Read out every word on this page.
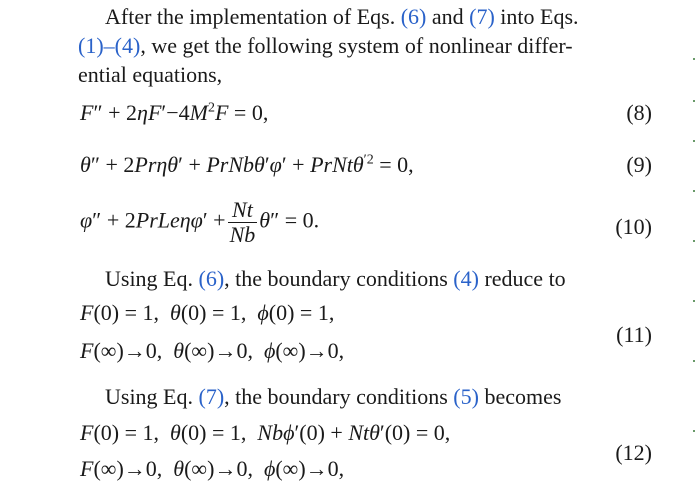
After the implementation of Eqs. (6) and (7) into Eqs.
(1)–(4), we get the following system of nonlinear differ-
ential equations,
$F'' + 2\eta F'-4M^2F = 0$,	(8)
θ″ + 2Prηθ′ + PrNbθ′φ′ + PrNtθ$^{'2}$ = 0,	(9)
φ″ + 2PrLeηφ′ + $\frac{Nt}{Nb} \theta'' = 0$.	(10)
Using Eq. (6), the boundary conditions (4) reduce to
F(0) = 1,  θ(0) = 1,  ϕ(0) = 1,
F(∞)→0,  θ(∞)→0,  ϕ(∞)→0,
(11)
Using Eq. (7), the boundary conditions (5) becomes
F(0) = 1,  θ(0) = 1,  Nbϕ′(0) + Ntθ′(0) = 0,
F(∞)→0,  θ(∞)→0,  ϕ(∞)→0,
(12)
